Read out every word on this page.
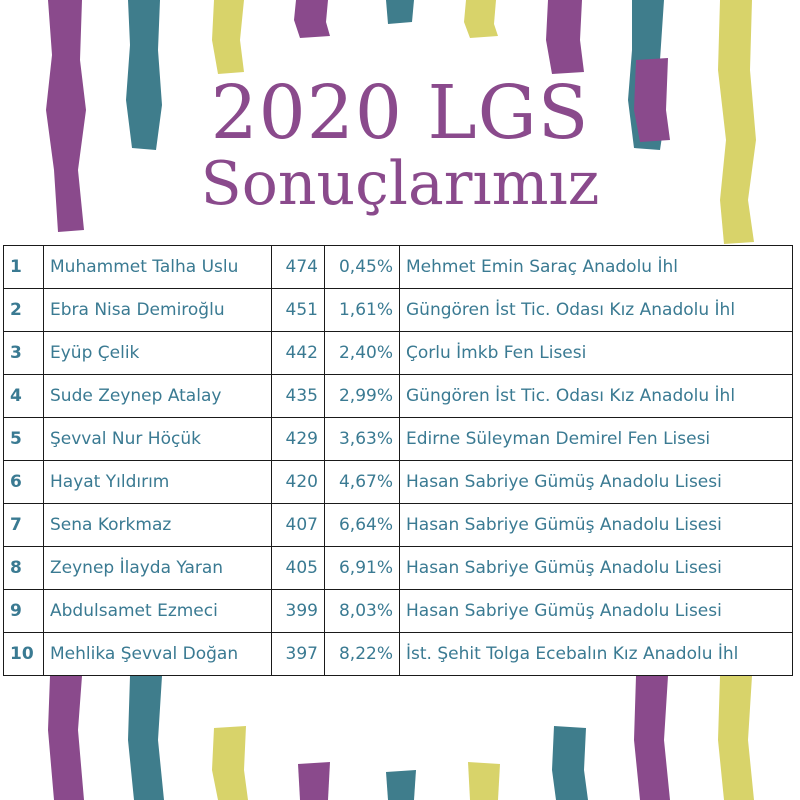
2020 LGS
Sonuçlarımız
1	Muhammet Talha Uslu	474	0,45%	Mehmet Emin Saraç Anadolu İhl
2	Ebra Nisa Demiroğlu	451	1,61%	Güngören İst Tic. Odası Kız Anadolu İhl
3	Eyüp Çelik	442	2,40%	Çorlu İmkb Fen Lisesi
4	Sude Zeynep Atalay	435	2,99%	Güngören İst Tic. Odası Kız Anadolu İhl
5	Şevval Nur Höçük	429	3,63%	Edirne Süleyman Demirel Fen Lisesi
6	Hayat Yıldırım	420	4,67%	Hasan Sabriye Gümüş Anadolu Lisesi
7	Sena Korkmaz	407	6,64%	Hasan Sabriye Gümüş Anadolu Lisesi
8	Zeynep İlayda Yaran	405	6,91%	Hasan Sabriye Gümüş Anadolu Lisesi
9	Abdulsamet Ezmeci	399	8,03%	Hasan Sabriye Gümüş Anadolu Lisesi
10	Mehlika Şevval Doğan	397	8,22%	İst. Şehit Tolga Ecebalın Kız Anadolu İhl
